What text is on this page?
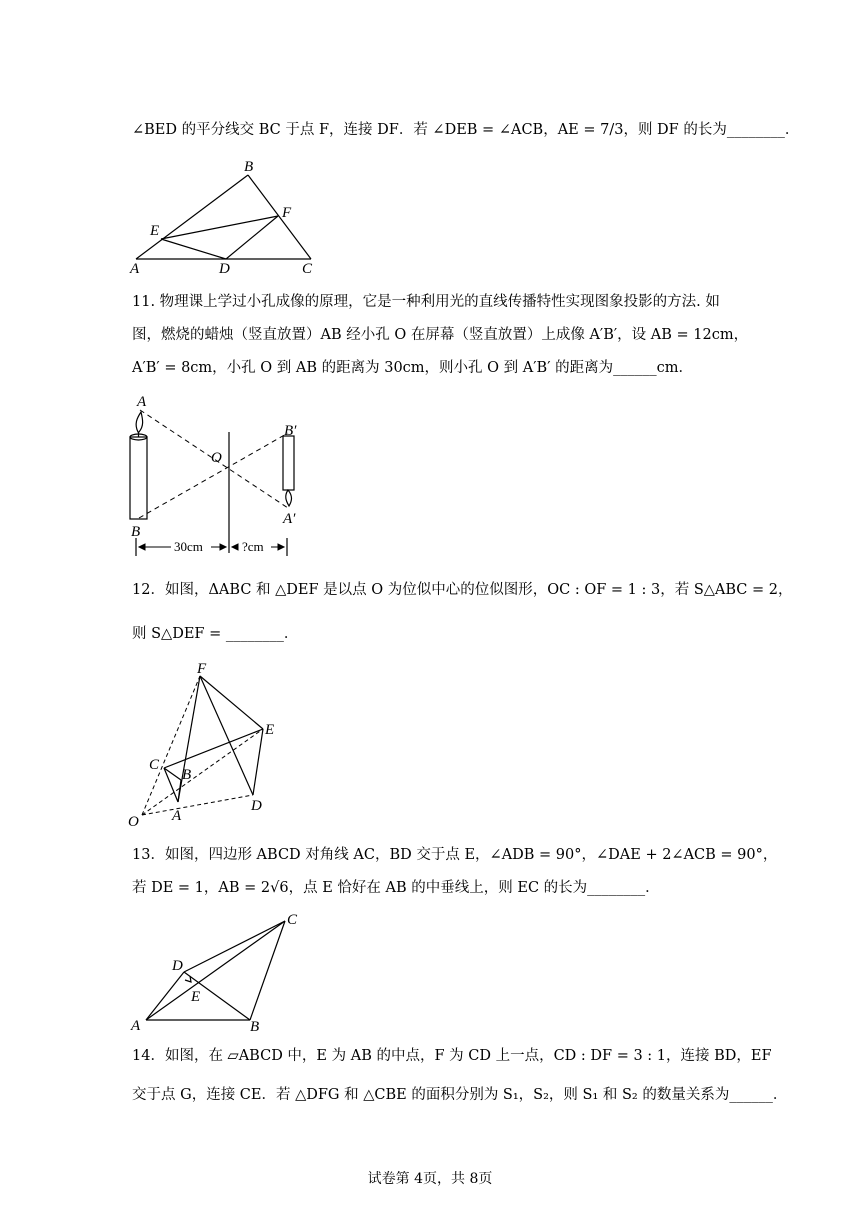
∠BED 的平分线交 BC 于点 F，连接 DF．若 ∠DEB = ∠ACB，AE = 7/3，则 DF 的长为________．
B
F
E
A	D	C
11. 物理课上学过小孔成像的原理，它是一种利用光的直线传播特性实现图象投影的方法. 如
图，燃烧的蜡烛（竖直放置）AB 经小孔 O 在屏幕（竖直放置）上成像 A′B′，设 AB = 12cm，
A′B′ = 8cm，小孔 O 到 AB 的距离为 30cm，则小孔 O 到 A′B′ 的距离为______cm．
A
B
O
B′
A′
30cm	?cm
12．如图，ΔABC 和 △DEF 是以点 O 为位似中心的位似图形，OC : OF = 1 : 3，若 S△ABC = 2，
则 S△DEF = ________．
F
E
C
B
D
O A
13．如图，四边形 ABCD 对角线 AC，BD 交于点 E，∠ADB = 90°，∠DAE + 2∠ACB = 90°，
若 DE = 1，AB = 2√6，点 E 恰好在 AB 的中垂线上，则 EC 的长为________．
C
D
E
A	B
14．如图，在 ▱ABCD 中，E 为 AB 的中点，F 为 CD 上一点，CD : DF = 3 : 1，连接 BD，EF
交于点 G，连接 CE．若 △DFG 和 △CBE 的面积分别为 S₁，S₂，则 S₁ 和 S₂ 的数量关系为______．
试卷第 4页，共 8页
